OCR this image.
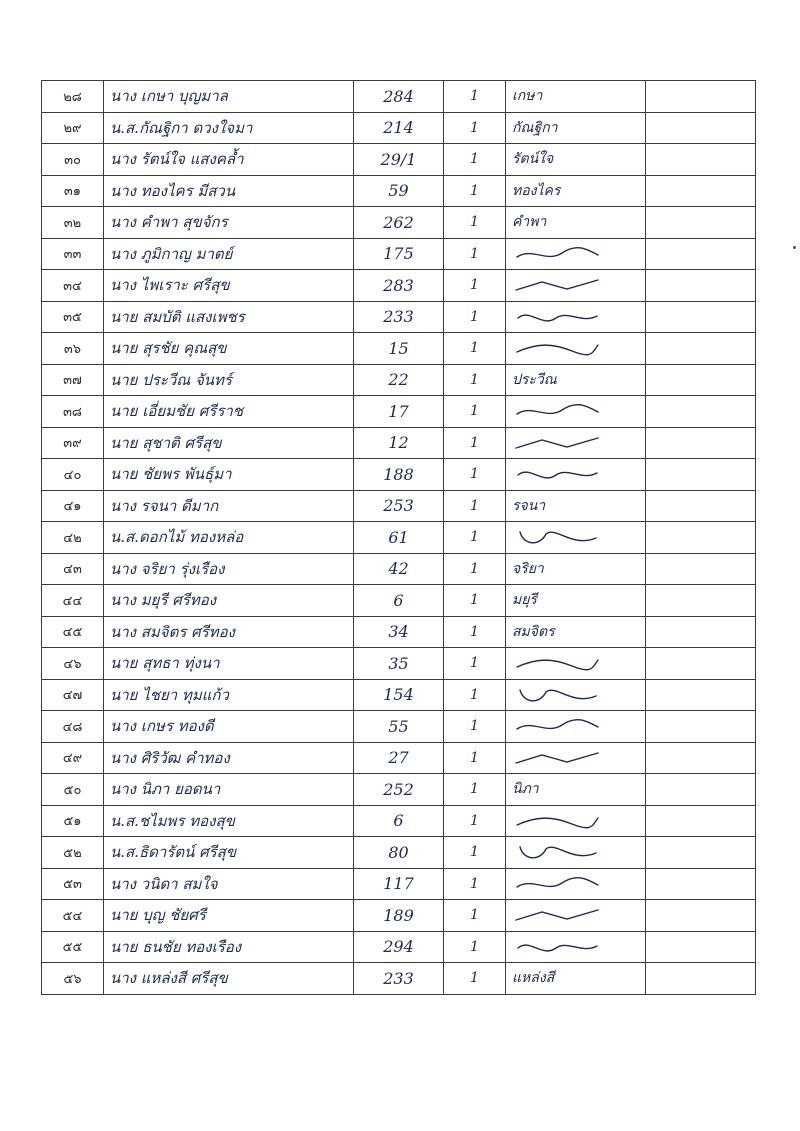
๒๘	นาง เกษา บุญมาล	284	1	เกษา	
๒๙	น.ส.กัณฐิกา ดวงใจมา	214	1	กัณฐิกา	
๓๐	นาง รัตน์ใจ แสงคล้ำ	29/1	1	รัตน์ใจ	
๓๑	นาง ทองไคร มีสวน	59	1	ทองไคร	
๓๒	นาง คำพา สุขจักร	262	1	คำพา	
๓๓	นาง ภูมิกาญ มาตย์	175	1		
๓๔	นาง ไพเราะ ศรีสุข	283	1		
๓๕	นาย สมบัติ แสงเพชร	233	1		
๓๖	นาย สุรชัย คุณสุข	15	1		
๓๗	นาย ประวีณ จันทร์	22	1	ประวีณ	
๓๘	นาย เอี่ยมชัย ศรีราช	17	1		
๓๙	นาย สุชาติ ศรีสุข	12	1		
๔๐	นาย ชัยพร พันธุ์มา	188	1		
๔๑	นาง รจนา ดีมาก	253	1	รจนา	
๔๒	น.ส.ดอกไม้ ทองหล่อ	61	1		
๔๓	นาง จริยา รุ่งเรือง	42	1	จริยา	
๔๔	นาง มยุรี ศรีทอง	6	1	มยุรี	
๔๕	นาง สมจิตร ศรีทอง	34	1	สมจิตร	
๔๖	นาย สุทธา ทุ่งนา	35	1		
๔๗	นาย ไชยา ทุมแก้ว	154	1		
๔๘	นาง เกษร ทองดี	55	1		
๔๙	นาง ศิริวัฒ คำทอง	27	1		
๕๐	นาง นิภา ยอดนา	252	1	นิภา	
๕๑	น.ส.ชไมพร ทองสุข	6	1		
๕๒	น.ส.ธิดารัตน์ ศรีสุข	80	1		
๕๓	นาง วนิดา สมใจ	117	1		
๕๔	นาย บุญ ชัยศรี	189	1		
๕๕	นาย ธนชัย ทองเรือง	294	1		
๕๖	นาง แหล่งสี ศรีสุข	233	1	แหล่งสี	
